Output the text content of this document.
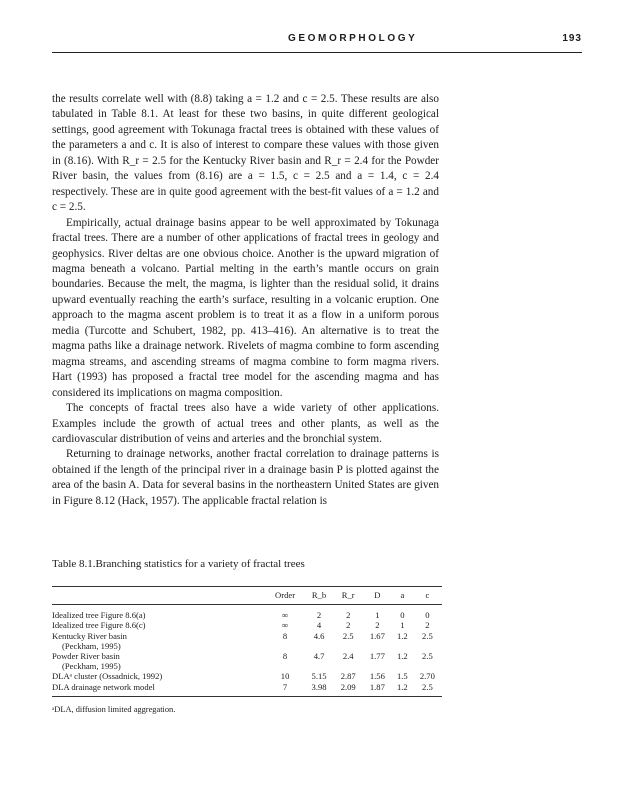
GEOMORPHOLOGY	193

the results correlate well with (8.8) taking a = 1.2 and c = 2.5. These results are also tabulated in Table 8.1. At least for these two basins, in quite different geological settings, good agreement with Tokunaga fractal trees is obtained with these values of the parameters a and c. It is also of interest to compare these values with those given in (8.16). With R_r = 2.5 for the Kentucky River basin and R_r = 2.4 for the Powder River basin, the values from (8.16) are a = 1.5, c = 2.5 and a = 1.4, c = 2.4 respectively. These are in quite good agreement with the best-fit values of a = 1.2 and c = 2.5.

Empirically, actual drainage basins appear to be well approximated by Tokunaga fractal trees. There are a number of other applications of fractal trees in geology and geophysics. River deltas are one obvious choice. Another is the upward migration of magma beneath a volcano. Partial melting in the earth’s mantle occurs on grain boundaries. Because the melt, the magma, is lighter than the residual solid, it drains upward eventually reaching the earth’s surface, resulting in a volcanic eruption. One approach to the magma ascent problem is to treat it as a flow in a uniform porous media (Turcotte and Schubert, 1982, pp. 413–416). An alternative is to treat the magma paths like a drainage network. Rivelets of magma combine to form ascending magma streams, and ascending streams of magma combine to form magma rivers. Hart (1993) has proposed a fractal tree model for the ascending magma and has considered its implications on magma composition.

The concepts of fractal trees also have a wide variety of other applications. Examples include the growth of actual trees and other plants, as well as the cardiovascular distribution of veins and arteries and the bronchial system.

Returning to drainage networks, another fractal correlation to drainage patterns is obtained if the length of the principal river in a drainage basin P is plotted against the area of the basin A. Data for several basins in the northeastern United States are given in Figure 8.12 (Hack, 1957). The applicable fractal relation is

Table 8.1.Branching statistics for a variety of fractal trees

	Order	R_b	R_r	D	a	c
Idealized tree Figure 8.6(a)	∞	2	2	1	0	0
Idealized tree Figure 8.6(c)	∞	4	2	2	1	2
Kentucky River basin
(Peckham, 1995)	8	4.6	2.5	1.67	1.2	2.5
Powder River basin
(Peckham, 1995)	8	4.7	2.4	1.77	1.2	2.5
DLAᵃ cluster (Ossadnick, 1992)	10	5.15	2.87	1.56	1.5	2.70
DLA drainage network model	7	3.98	2.09	1.87	1.2	2.5
ᵃDLA, diffusion limited aggregation.
